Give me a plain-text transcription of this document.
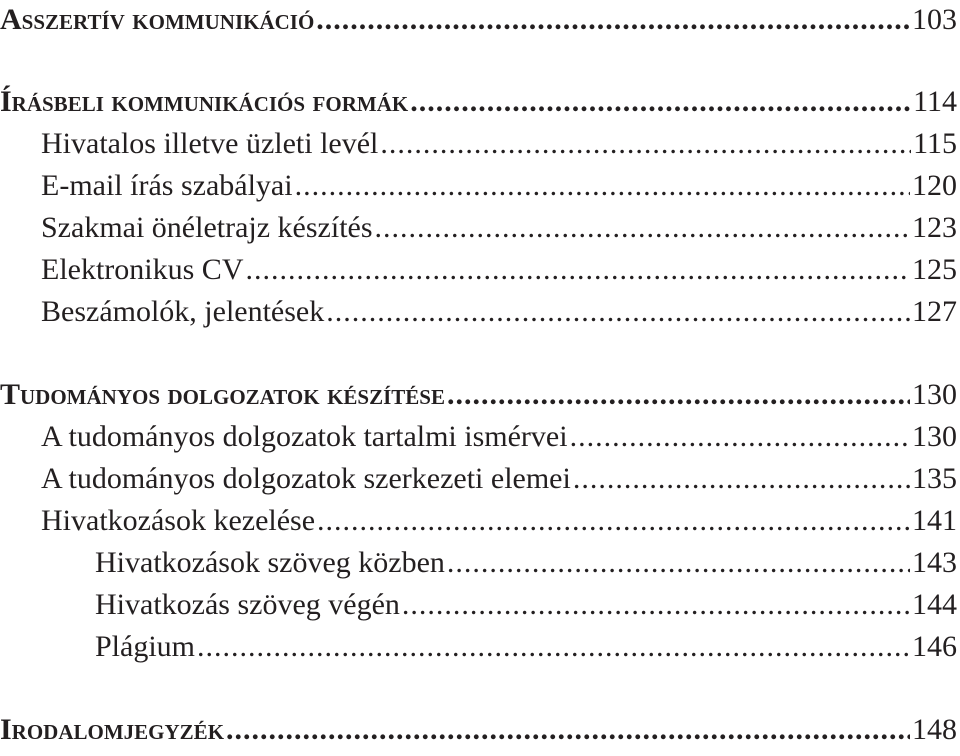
Asszertív kommunikáció .....	103
Írásbeli kommunikációs formák .....	114
Hivatalos illetve üzleti levél .....	115
E-mail írás szabályai .....	120
Szakmai önéletrajz készítés .....	123
Elektronikus CV .....	125
Beszámolók, jelentések .....	127
Tudományos dolgozatok készítése .....	130
A tudományos dolgozatok tartalmi ismérvei .....	130
A tudományos dolgozatok szerkezeti elemei .....	135
Hivatkozások kezelése .....	141
Hivatkozások szöveg közben .....	143
Hivatkozás szöveg végén .....	144
Plágium .....	146
Irodalomjegyzék .....	148
